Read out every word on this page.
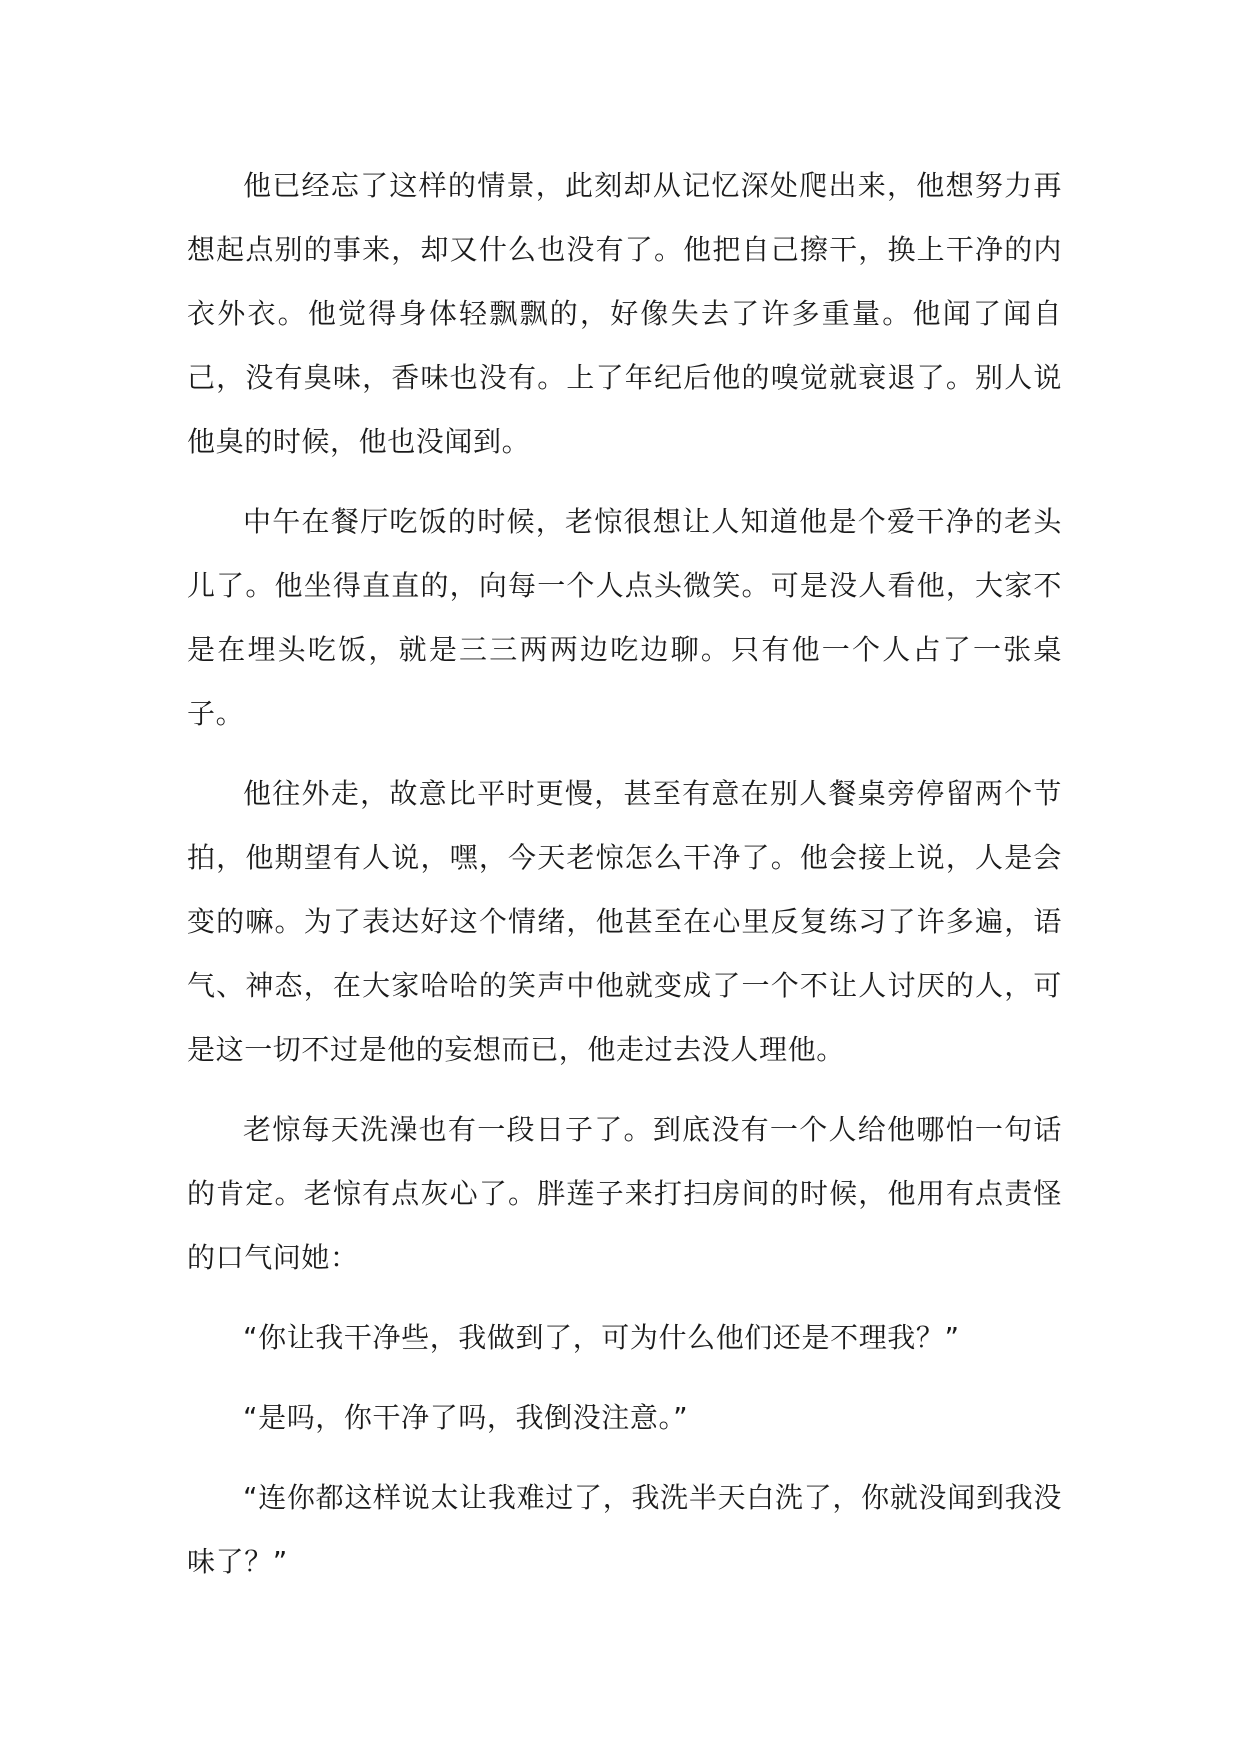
他已经忘了这样的情景，此刻却从记忆深处爬出来，他想努力再想起点别的事来，却又什么也没有了。他把自己擦干，换上干净的内衣外衣。他觉得身体轻飘飘的，好像失去了许多重量。他闻了闻自己，没有臭味，香味也没有。上了年纪后他的嗅觉就衰退了。别人说他臭的时候，他也没闻到。

中午在餐厅吃饭的时候，老惊很想让人知道他是个爱干净的老头儿了。他坐得直直的，向每一个人点头微笑。可是没人看他，大家不是在埋头吃饭，就是三三两两边吃边聊。只有他一个人占了一张桌子。

他往外走，故意比平时更慢，甚至有意在别人餐桌旁停留两个节拍，他期望有人说，嘿，今天老惊怎么干净了。他会接上说，人是会变的嘛。为了表达好这个情绪，他甚至在心里反复练习了许多遍，语气、神态，在大家哈哈的笑声中他就变成了一个不让人讨厌的人，可是这一切不过是他的妄想而已，他走过去没人理他。

老惊每天洗澡也有一段日子了。到底没有一个人给他哪怕一句话的肯定。老惊有点灰心了。胖莲子来打扫房间的时候，他用有点责怪的口气问她：

“你让我干净些，我做到了，可为什么他们还是不理我？”

“是吗，你干净了吗，我倒没注意。”

“连你都这样说太让我难过了，我洗半天白洗了，你就没闻到我没味了？”
